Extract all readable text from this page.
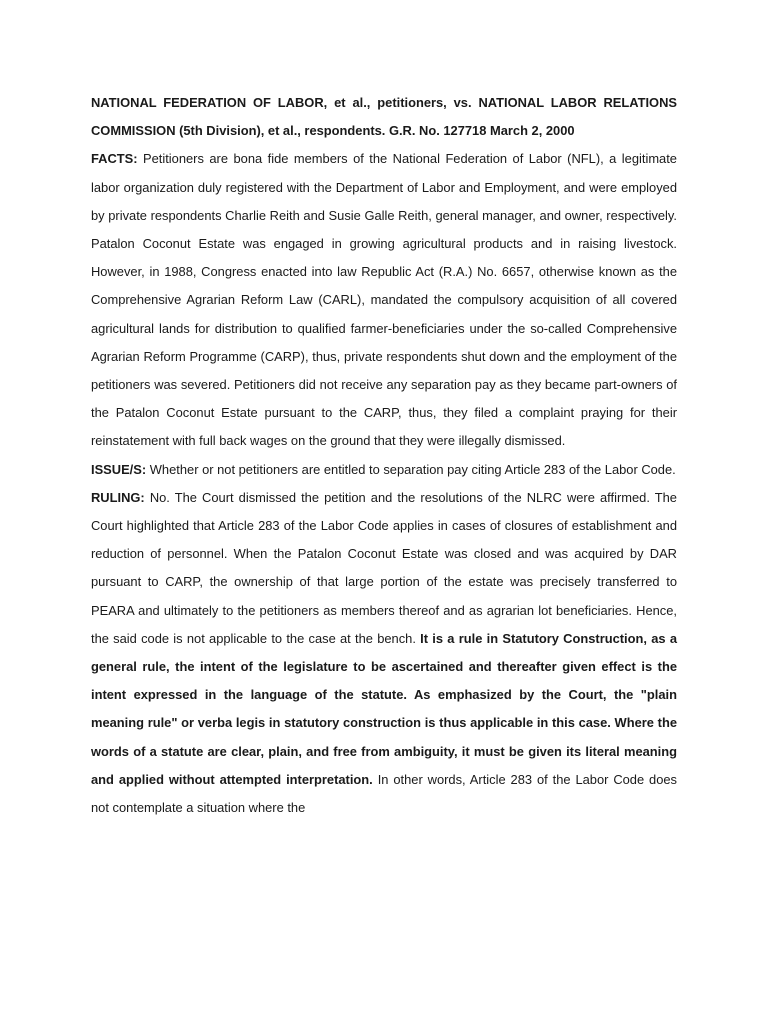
NATIONAL FEDERATION OF LABOR, et al., petitioners, vs. NATIONAL LABOR RELATIONS COMMISSION (5th Division), et al., respondents. G.R. No. 127718 March 2, 2000

FACTS: Petitioners are bona fide members of the National Federation of Labor (NFL), a legitimate labor organization duly registered with the Department of Labor and Employment, and were employed by private respondents Charlie Reith and Susie Galle Reith, general manager, and owner, respectively. Patalon Coconut Estate was engaged in growing agricultural products and in raising livestock. However, in 1988, Congress enacted into law Republic Act (R.A.) No. 6657, otherwise known as the Comprehensive Agrarian Reform Law (CARL), mandated the compulsory acquisition of all covered agricultural lands for distribution to qualified farmer-beneficiaries under the so-called Comprehensive Agrarian Reform Programme (CARP), thus, private respondents shut down and the employment of the petitioners was severed. Petitioners did not receive any separation pay as they became part-owners of the Patalon Coconut Estate pursuant to the CARP, thus, they filed a complaint praying for their reinstatement with full back wages on the ground that they were illegally dismissed.

ISSUE/S: Whether or not petitioners are entitled to separation pay citing Article 283 of the Labor Code.

RULING: No. The Court dismissed the petition and the resolutions of the NLRC were affirmed. The Court highlighted that Article 283 of the Labor Code applies in cases of closures of establishment and reduction of personnel. When the Patalon Coconut Estate was closed and was acquired by DAR pursuant to CARP, the ownership of that large portion of the estate was precisely transferred to PEARA and ultimately to the petitioners as members thereof and as agrarian lot beneficiaries. Hence, the said code is not applicable to the case at the bench. It is a rule in Statutory Construction, as a general rule, the intent of the legislature to be ascertained and thereafter given effect is the intent expressed in the language of the statute. As emphasized by the Court, the "plain meaning rule" or verba legis in statutory construction is thus applicable in this case. Where the words of a statute are clear, plain, and free from ambiguity, it must be given its literal meaning and applied without attempted interpretation. In other words, Article 283 of the Labor Code does not contemplate a situation where the
